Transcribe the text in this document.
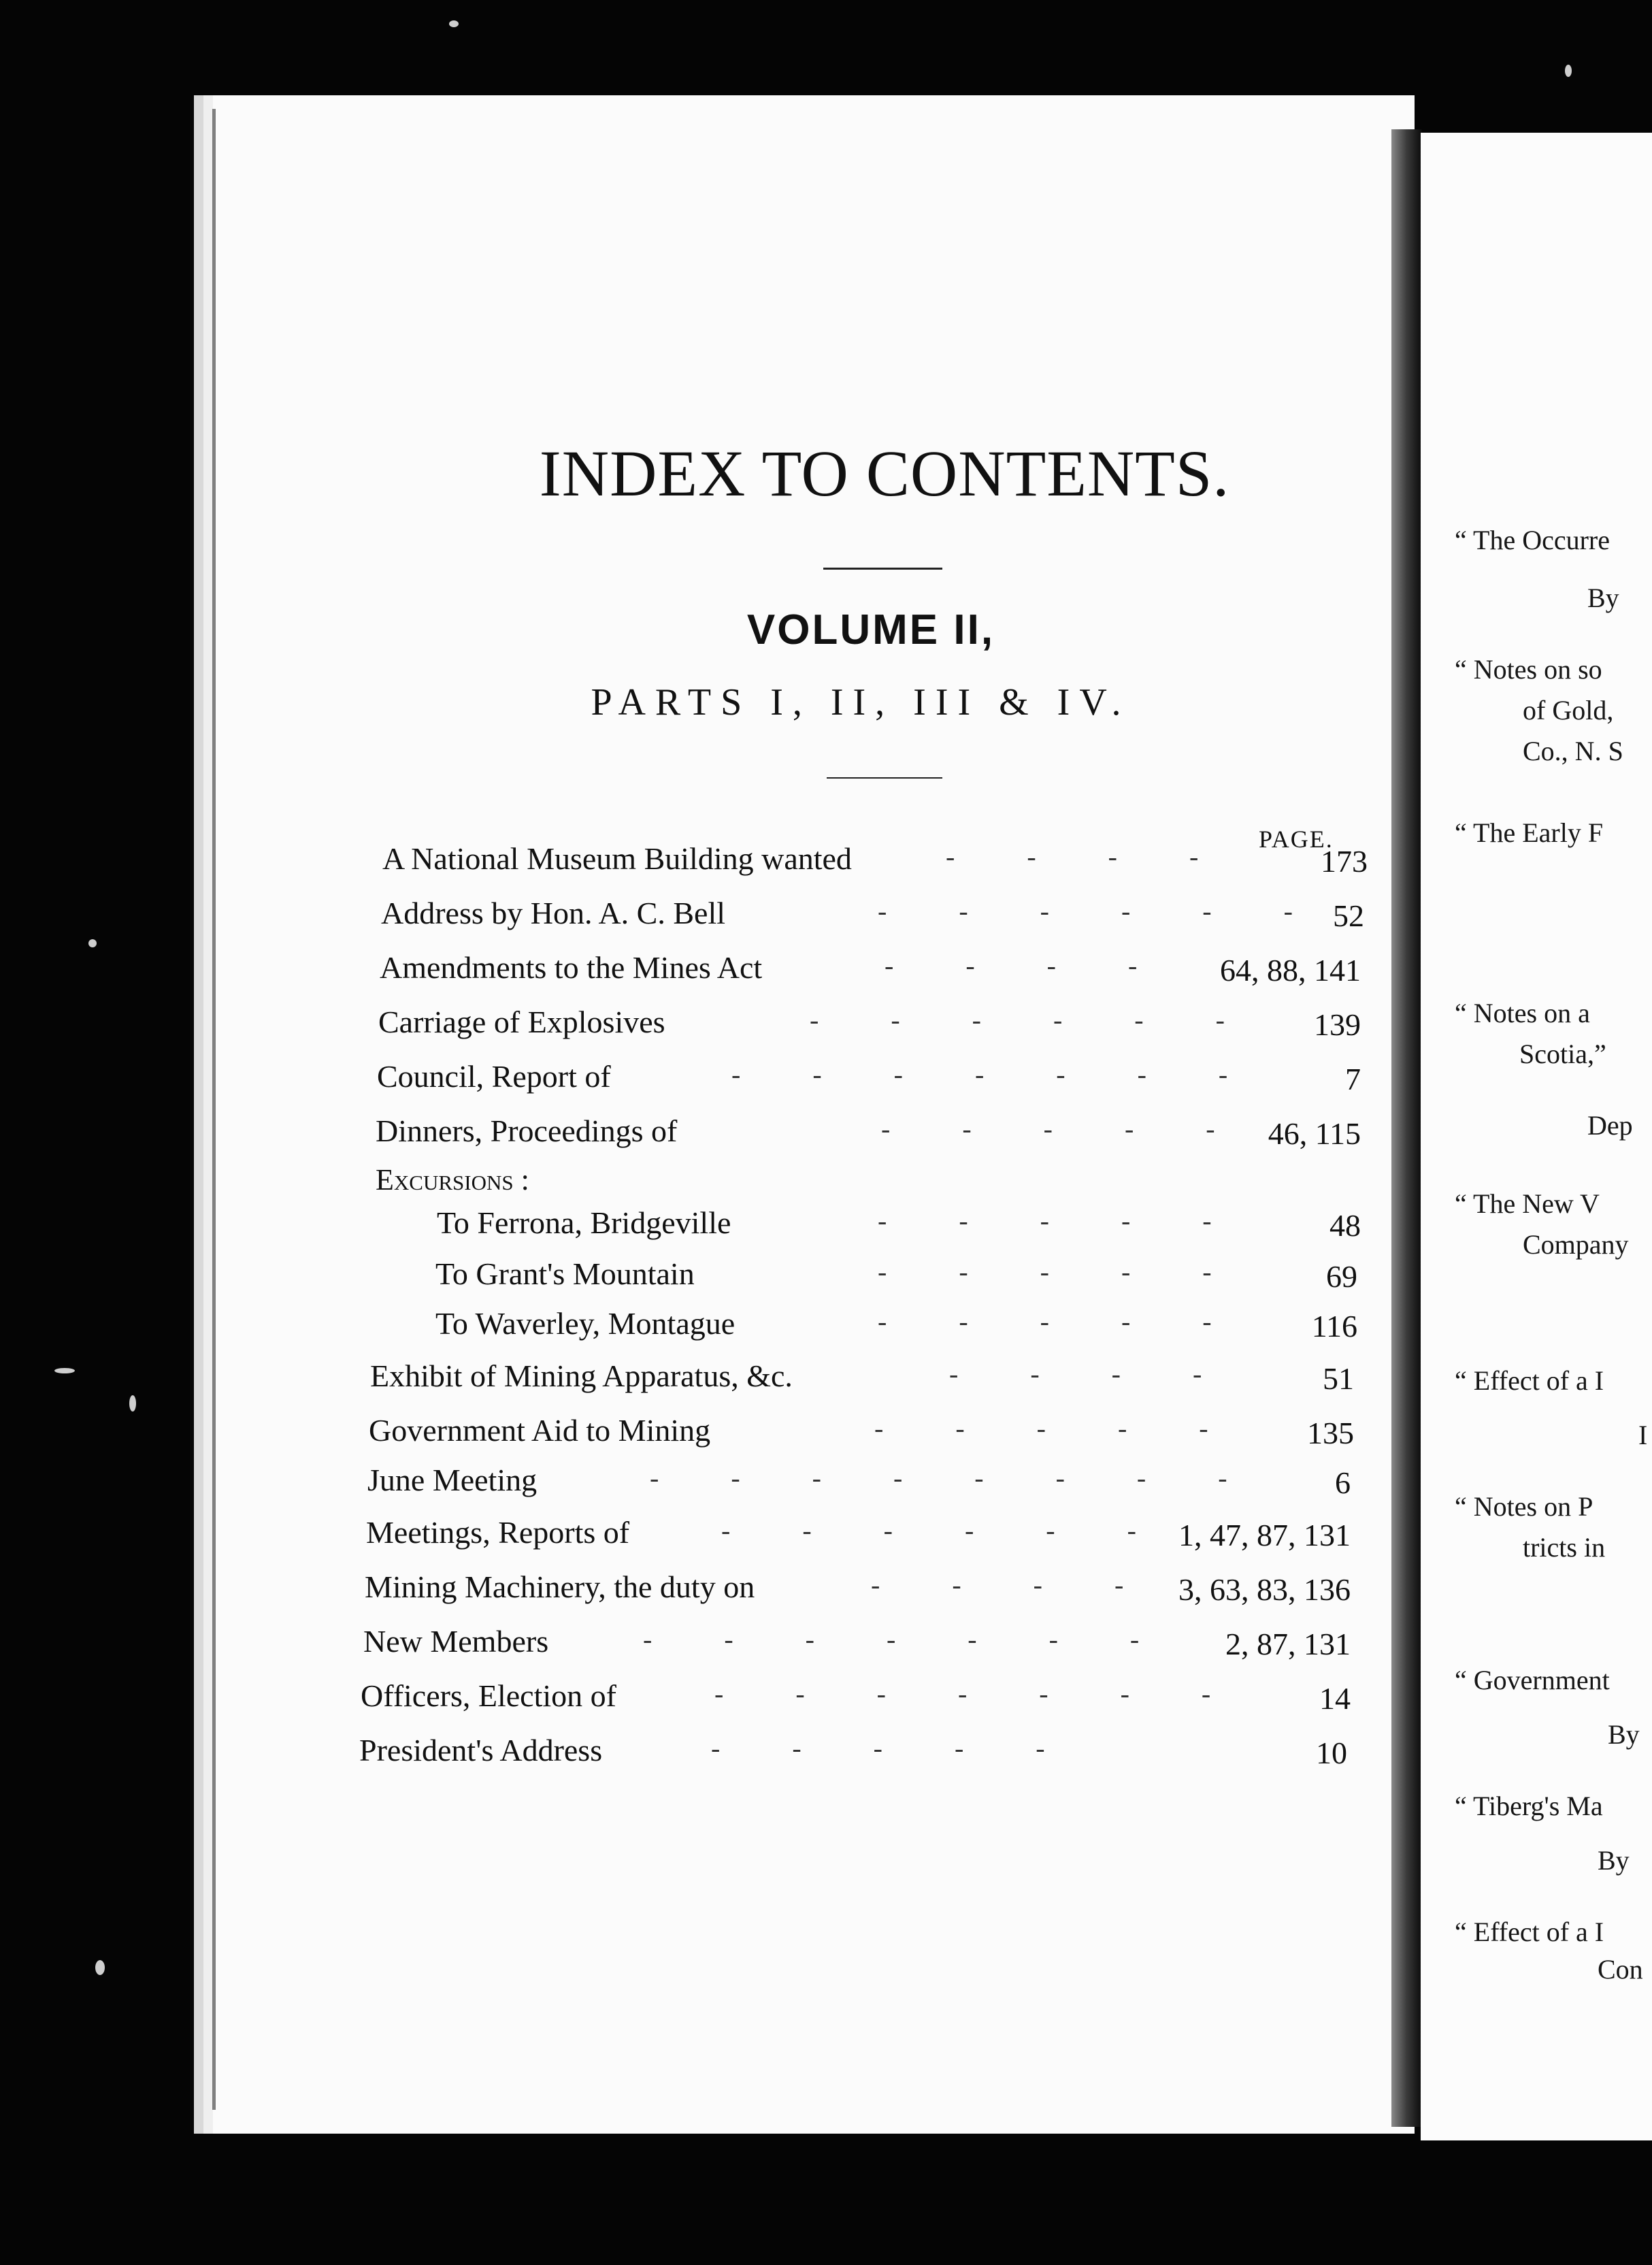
INDEX TO CONTENTS.
VOLUME II,
PARTS I, II, III & IV.
PAGE.
A National Museum Building wanted	- - - -	173
Address by Hon. A. C. Bell	- - - - - - 52
Amendments to the Mines Act	- - - - 64, 88, 141
Carriage of Explosives	- - - - - - 139
Council, Report of	- - - - - - -	7
Dinners, Proceedings of	- - - - - 46, 115
Excursions :
To Ferrona, Bridgeville	- - - - -	48
To Grant's Mountain	- - - - -	69
To Waverley, Montague	- - - - - 116
Exhibit of Mining Apparatus, &c.	- - - -	51
Government Aid to Mining	- - - - - 135
June Meeting	- - - - - - - - 6
Meetings, Reports of	- - - - - - 1, 47, 87, 131
Mining Machinery, the duty on	- - - - 3, 63, 83, 136
New Members	- - - - - - - 2, 87, 131
Officers, Election of	- - - - - - - 14
President's Address	- - - - -	10
“ The Occurre
By
“ Notes on so
of Gold,
Co., N. S
“ The Early F
“ Notes on a
Scotia,”
Dep
“ The New V
Company
“ Effect of a I
I
“ Notes on P
tricts in
“ Government
By
“ Tiberg's Ma
By
“ Effect of a I
Con
